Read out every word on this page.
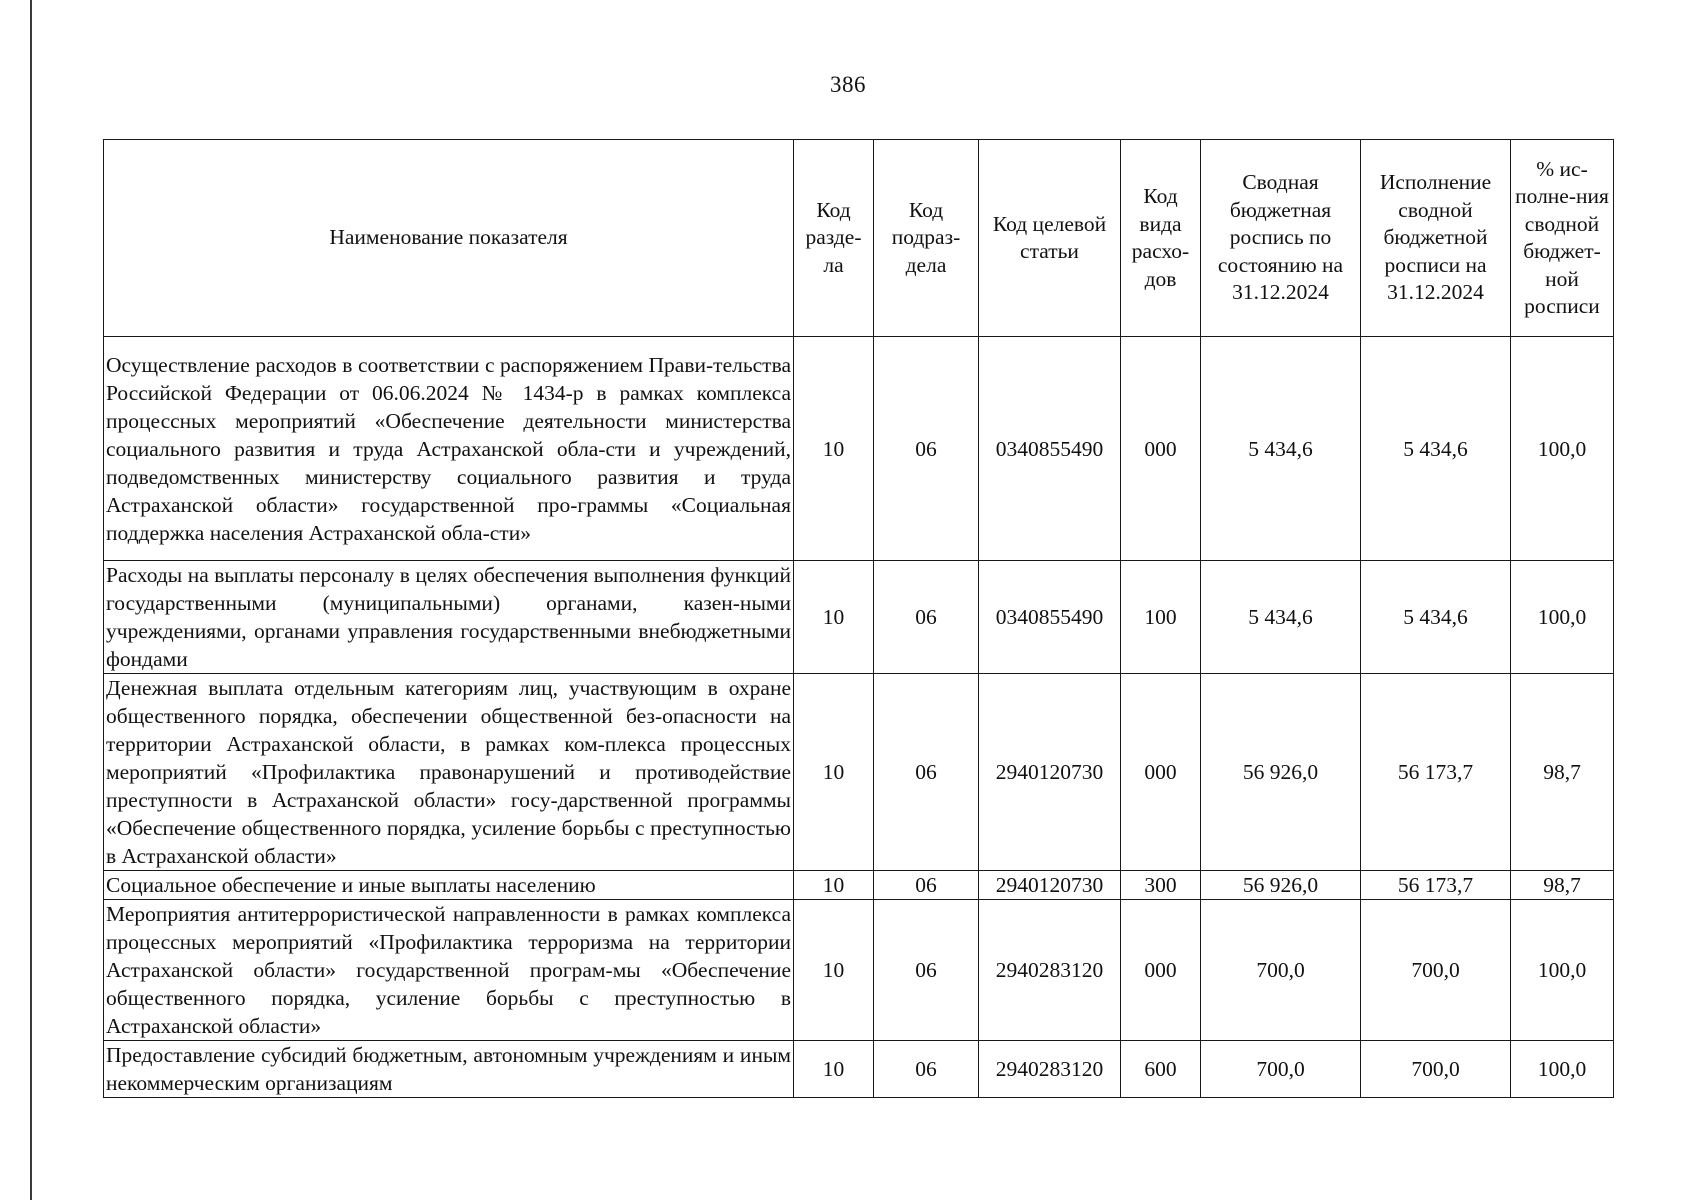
386
Наименование показателя	Код разде-ла	Код подраз-дела	Код целевой статьи	Код вида расхо-дов	Сводная бюджетная роспись по состоянию на 31.12.2024	Исполнение сводной бюджетной росписи на 31.12.2024	% ис-полне-ния сводной бюджет-ной росписи
Осуществление расходов в соответствии с распоряжением Прави-тельства Российской Федерации от 06.06.2024 № 1434-р в рамках комплекса процессных мероприятий «Обеспечение деятельности министерства социального развития и труда Астраханской обла-сти и учреждений, подведомственных министерству социального развития и труда Астраханской области» государственной про-граммы «Социальная поддержка населения Астраханской обла-сти»	10	06	0340855490	000	5 434,6	5 434,6	100,0
Расходы на выплаты персоналу в целях обеспечения выполнения функций государственными (муниципальными) органами, казен-ными учреждениями, органами управления государственными внебюджетными фондами	10	06	0340855490	100	5 434,6	5 434,6	100,0
Денежная выплата отдельным категориям лиц, участвующим в охране общественного порядка, обеспечении общественной без-опасности на территории Астраханской области, в рамках ком-плекса процессных мероприятий «Профилактика правонарушений и противодействие преступности в Астраханской области» госу-дарственной программы «Обеспечение общественного порядка, усиление борьбы с преступностью в Астраханской области»	10	06	2940120730	000	56 926,0	56 173,7	98,7
Социальное обеспечение и иные выплаты населению	10	06	2940120730	300	56 926,0	56 173,7	98,7
Мероприятия антитеррористической направленности в рамках комплекса процессных мероприятий «Профилактика терроризма на территории Астраханской области» государственной програм-мы «Обеспечение общественного порядка, усиление борьбы с преступностью в Астраханской области»	10	06	2940283120	000	700,0	700,0	100,0
Предоставление субсидий бюджетным, автономным учреждениям и иным некоммерческим организациям	10	06	2940283120	600	700,0	700,0	100,0
